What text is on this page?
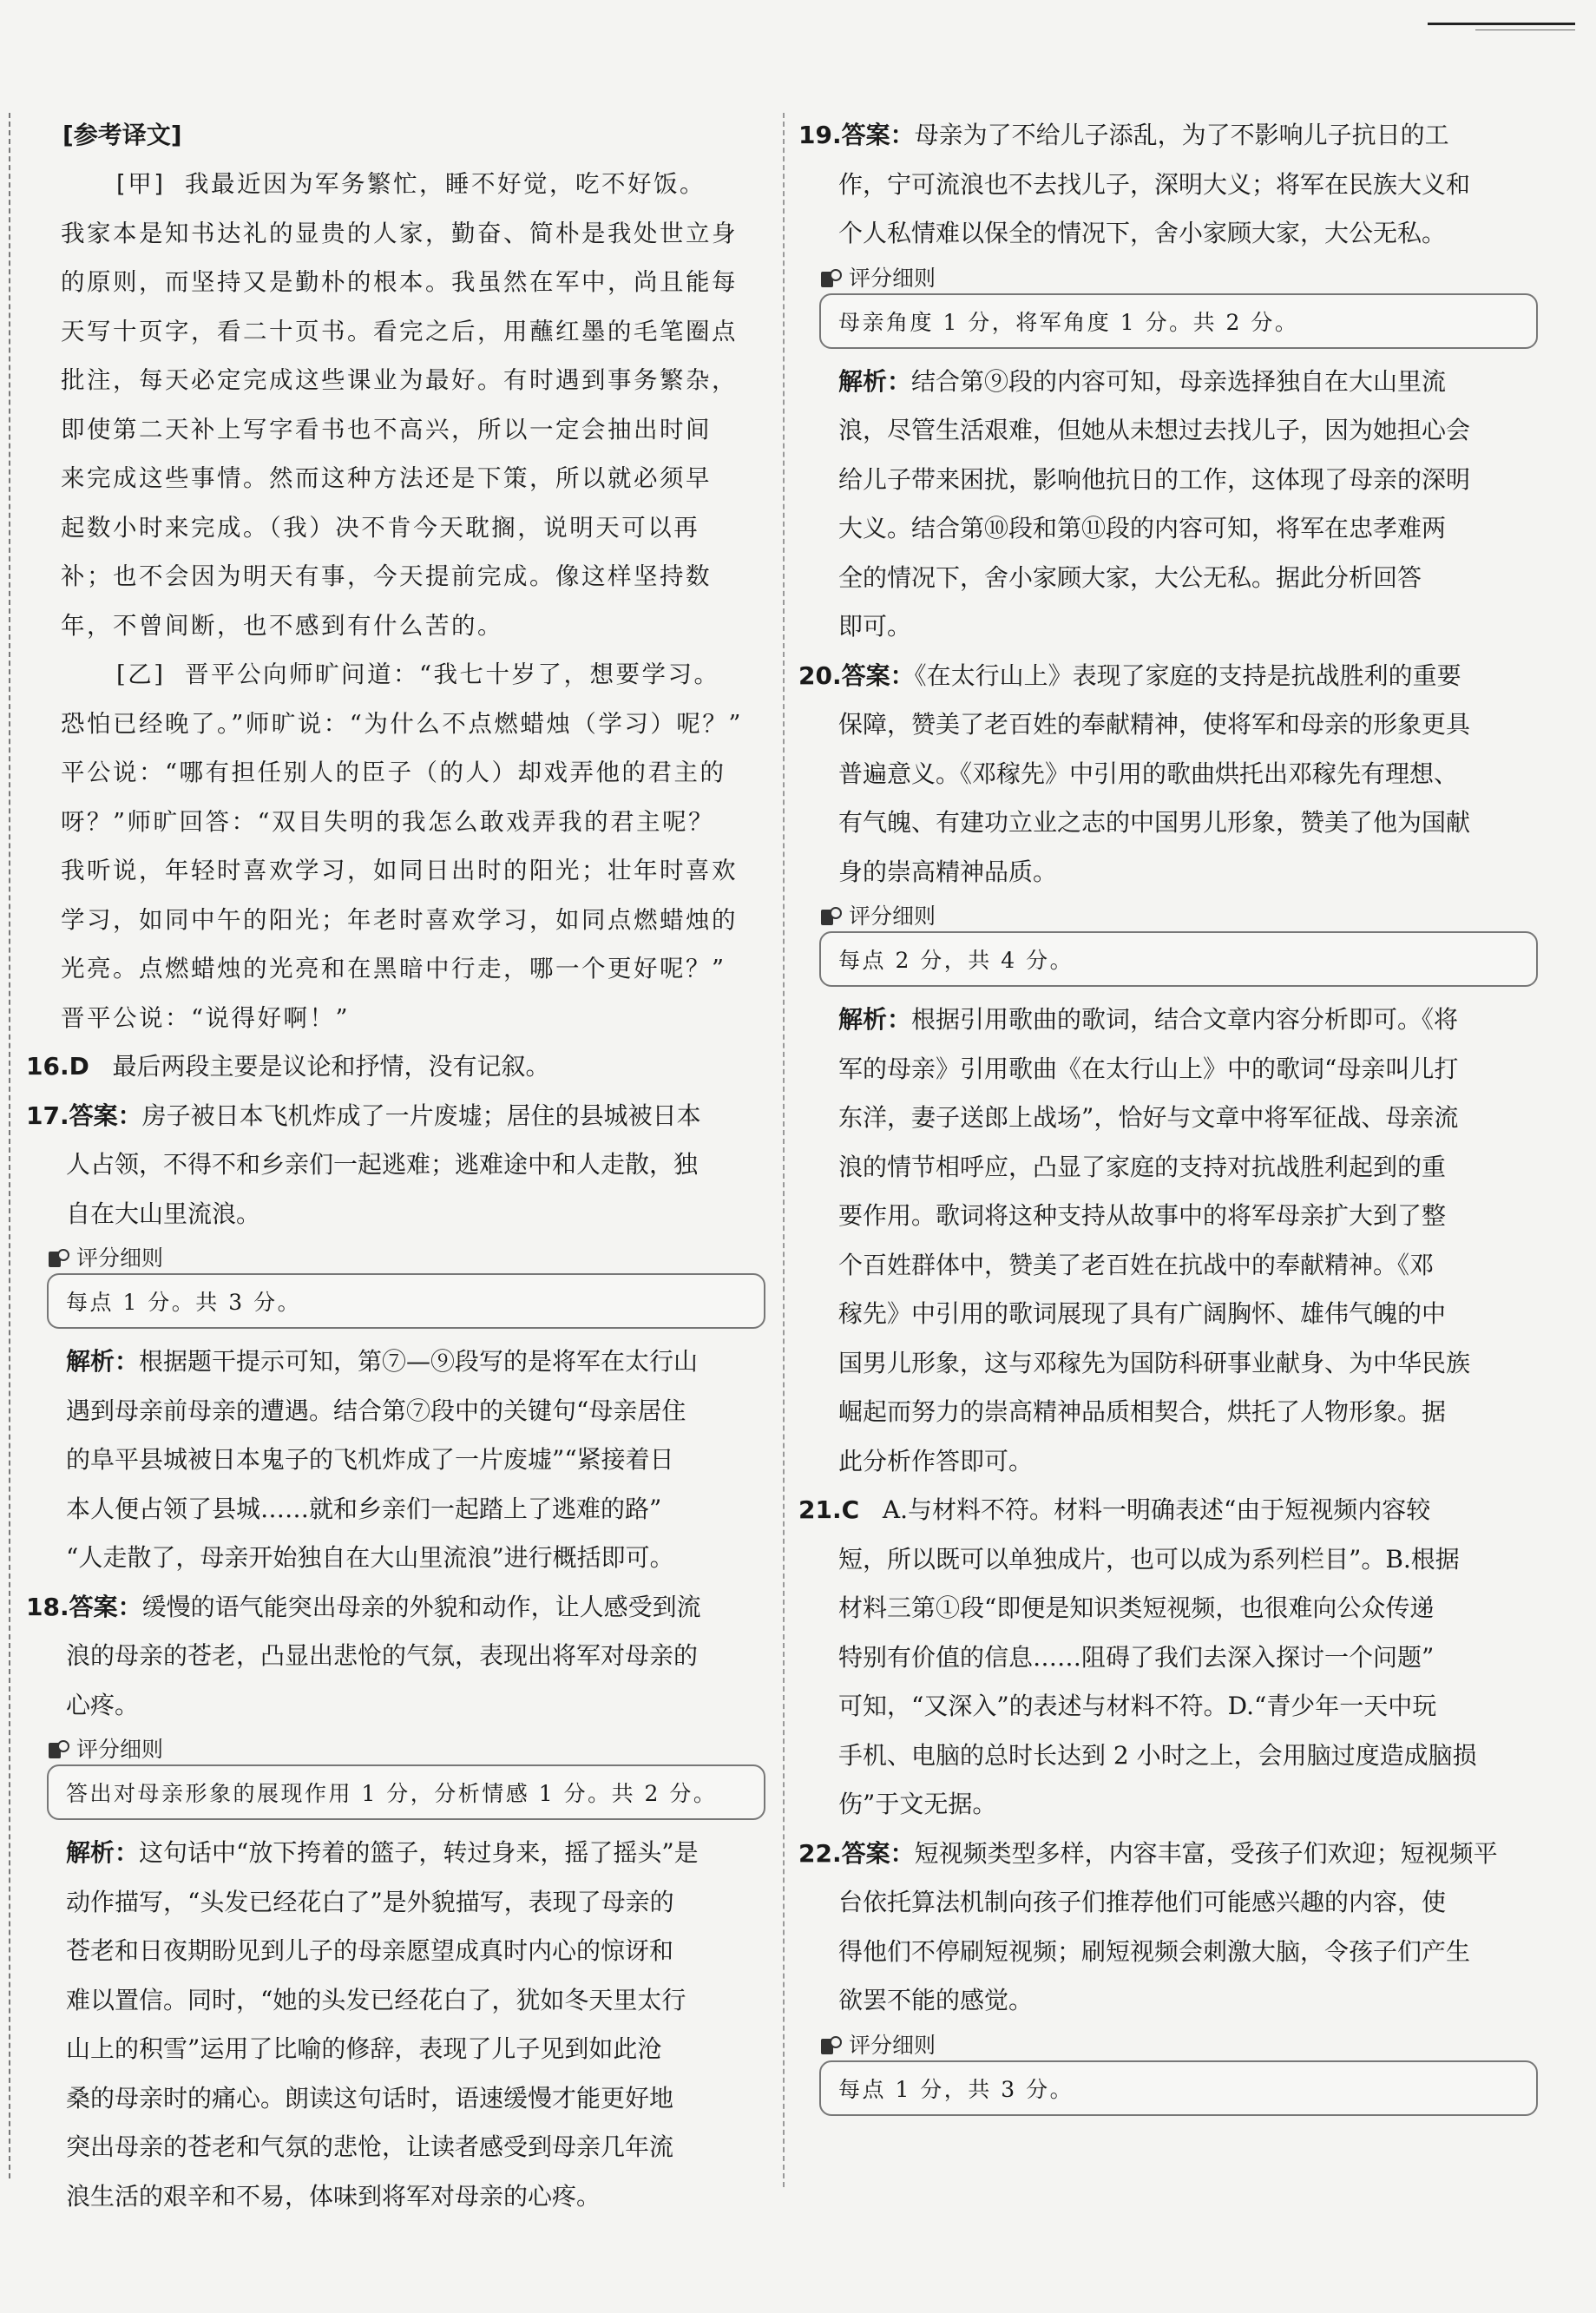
[参考译文]
[甲] 我最近因为军务繁忙，睡不好觉，吃不好饭。
我家本是知书达礼的显贵的人家，勤奋、简朴是我处世立身
的原则，而坚持又是勤朴的根本。我虽然在军中，尚且能每
天写十页字，看二十页书。看完之后，用蘸红墨的毛笔圈点
批注，每天必定完成这些课业为最好。有时遇到事务繁杂，
即使第二天补上写字看书也不高兴，所以一定会抽出时间
来完成这些事情。然而这种方法还是下策，所以就必须早
起数小时来完成。（我）决不肯今天耽搁，说明天可以再
补；也不会因为明天有事，今天提前完成。像这样坚持数
年，不曾间断，也不感到有什么苦的。
[乙] 晋平公向师旷问道：“我七十岁了，想要学习。
恐怕已经晚了。”师旷说：“为什么不点燃蜡烛（学习）呢？”
平公说：“哪有担任别人的臣子（的人）却戏弄他的君主的
呀？”师旷回答：“双目失明的我怎么敢戏弄我的君主呢？
我听说，年轻时喜欢学习，如同日出时的阳光；壮年时喜欢
学习，如同中午的阳光；年老时喜欢学习，如同点燃蜡烛的
光亮。点燃蜡烛的光亮和在黑暗中行走，哪一个更好呢？”
晋平公说：“说得好啊！”
16.D 最后两段主要是议论和抒情，没有记叙。
17.答案：房子被日本飞机炸成了一片废墟；居住的县城被日本
人占领，不得不和乡亲们一起逃难；逃难途中和人走散，独
自在大山里流浪。
评分细则
每点 1 分。共 3 分。
解析：根据题干提示可知，第⑦—⑨段写的是将军在太行山
遇到母亲前母亲的遭遇。结合第⑦段中的关键句“母亲居住
的阜平县城被日本鬼子的飞机炸成了一片废墟”“紧接着日
本人便占领了县城……就和乡亲们一起踏上了逃难的路”
“人走散了，母亲开始独自在大山里流浪”进行概括即可。
18.答案：缓慢的语气能突出母亲的外貌和动作，让人感受到流
浪的母亲的苍老，凸显出悲怆的气氛，表现出将军对母亲的
心疼。
评分细则
答出对母亲形象的展现作用 1 分，分析情感 1 分。共 2 分。
解析：这句话中“放下挎着的篮子，转过身来，摇了摇头”是
动作描写，“头发已经花白了”是外貌描写，表现了母亲的
苍老和日夜期盼见到儿子的母亲愿望成真时内心的惊讶和
难以置信。同时，“她的头发已经花白了，犹如冬天里太行
山上的积雪”运用了比喻的修辞，表现了儿子见到如此沧
桑的母亲时的痛心。朗读这句话时，语速缓慢才能更好地
突出母亲的苍老和气氛的悲怆，让读者感受到母亲几年流
浪生活的艰辛和不易，体味到将军对母亲的心疼。
19.答案：母亲为了不给儿子添乱，为了不影响儿子抗日的工
作，宁可流浪也不去找儿子，深明大义；将军在民族大义和
个人私情难以保全的情况下，舍小家顾大家，大公无私。
评分细则
母亲角度 1 分，将军角度 1 分。共 2 分。
解析：结合第⑨段的内容可知，母亲选择独自在大山里流
浪，尽管生活艰难，但她从未想过去找儿子，因为她担心会
给儿子带来困扰，影响他抗日的工作，这体现了母亲的深明
大义。结合第⑩段和第⑪段的内容可知，将军在忠孝难两
全的情况下，舍小家顾大家，大公无私。据此分析回答
即可。
20.答案：《在太行山上》表现了家庭的支持是抗战胜利的重要
保障，赞美了老百姓的奉献精神，使将军和母亲的形象更具
普遍意义。《邓稼先》中引用的歌曲烘托出邓稼先有理想、
有气魄、有建功立业之志的中国男儿形象，赞美了他为国献
身的崇高精神品质。
评分细则
每点 2 分，共 4 分。
解析：根据引用歌曲的歌词，结合文章内容分析即可。《将
军的母亲》引用歌曲《在太行山上》中的歌词“母亲叫儿打
东洋，妻子送郎上战场”，恰好与文章中将军征战、母亲流
浪的情节相呼应，凸显了家庭的支持对抗战胜利起到的重
要作用。歌词将这种支持从故事中的将军母亲扩大到了整
个百姓群体中，赞美了老百姓在抗战中的奉献精神。《邓
稼先》中引用的歌词展现了具有广阔胸怀、雄伟气魄的中
国男儿形象，这与邓稼先为国防科研事业献身、为中华民族
崛起而努力的崇高精神品质相契合，烘托了人物形象。据
此分析作答即可。
21.C A.与材料不符。材料一明确表述“由于短视频内容较
短，所以既可以单独成片，也可以成为系列栏目”。B.根据
材料三第①段“即便是知识类短视频，也很难向公众传递
特别有价值的信息……阻碍了我们去深入探讨一个问题”
可知，“又深入”的表述与材料不符。D.“青少年一天中玩
手机、电脑的总时长达到 2 小时之上，会用脑过度造成脑损
伤”于文无据。
22.答案：短视频类型多样，内容丰富，受孩子们欢迎；短视频平
台依托算法机制向孩子们推荐他们可能感兴趣的内容，使
得他们不停刷短视频；刷短视频会刺激大脑，令孩子们产生
欲罢不能的感觉。
评分细则
每点 1 分，共 3 分。
